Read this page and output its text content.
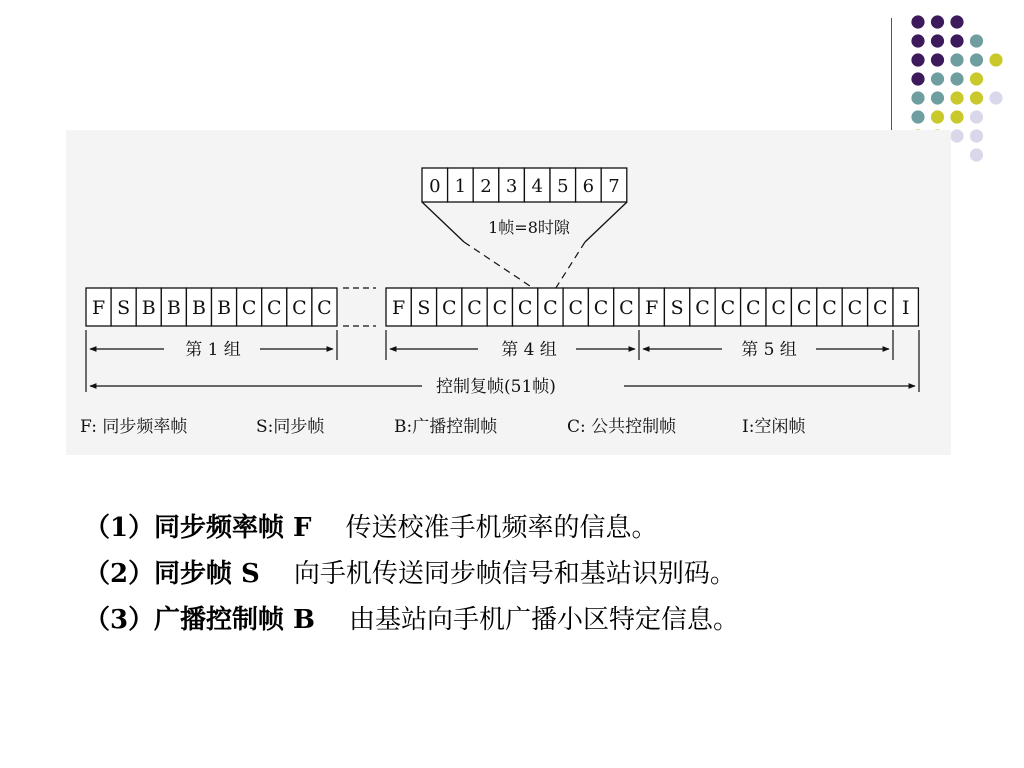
0 1 2 3 4 5 6 7
1帧=8时隙
F S B B B B C C C C	F S C C C C C C C C F S C C C C C C C C I
第 1 组	第 4 组	第 5 组
控制复帧(51帧)
F: 同步频率帧	S:同步帧	B:广播控制帧	C: 公共控制帧	I:空闲帧
（1）同步频率帧 F 传送校准手机频率的信息。
（2）同步帧 S 向手机传送同步帧信号和基站识别码。
（3）广播控制帧 B 由基站向手机广播小区特定信息。
